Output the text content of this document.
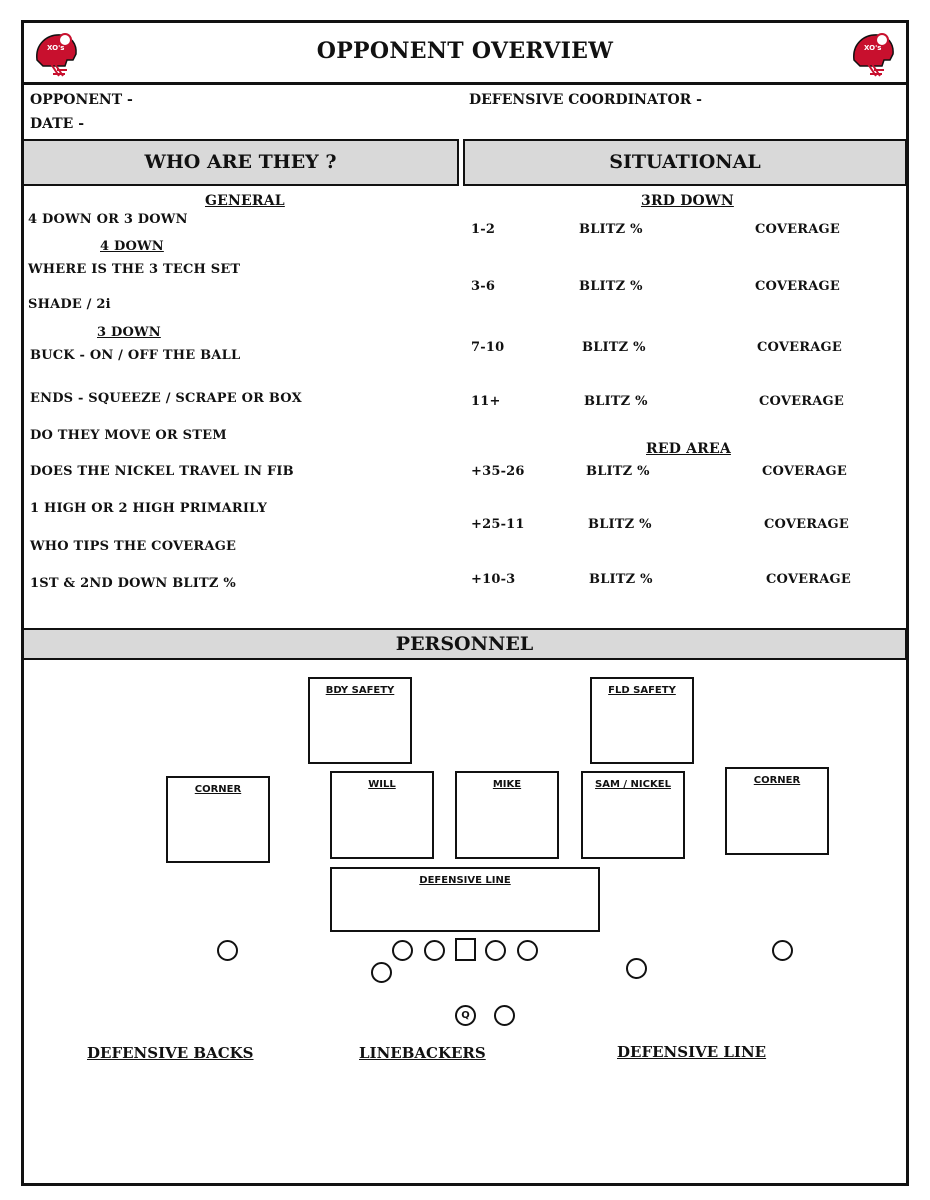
XO's	XO's
OPPONENT OVERVIEW
OPPONENT -
DATE -
DEFENSIVE COORDINATOR -
WHO ARE THEY ?	SITUATIONAL
GENERAL
4 DOWN OR 3 DOWN
4 DOWN
WHERE IS THE 3 TECH SET
SHADE / 2i
3 DOWN
BUCK - ON / OFF THE BALL
ENDS - SQUEEZE / SCRAPE OR BOX
DO THEY MOVE OR STEM
DOES THE NICKEL TRAVEL IN FIB
1 HIGH OR 2 HIGH PRIMARILY
WHO TIPS THE COVERAGE
1ST & 2ND DOWN BLITZ %
3RD DOWN
1-2	BLITZ %	COVERAGE
3-6	BLITZ %	COVERAGE
7-10	BLITZ %	COVERAGE
11+	BLITZ %	COVERAGE
RED AREA
+35-26	BLITZ %	COVERAGE
+25-11	BLITZ %	COVERAGE
+10-3	BLITZ %	COVERAGE
PERSONNEL
BDY SAFETY	FLD SAFETY
CORNER	WILL	MIKE	SAM / NICKEL	CORNER
DEFENSIVE LINE
Q
DEFENSIVE BACKS	LINEBACKERS	DEFENSIVE LINE
